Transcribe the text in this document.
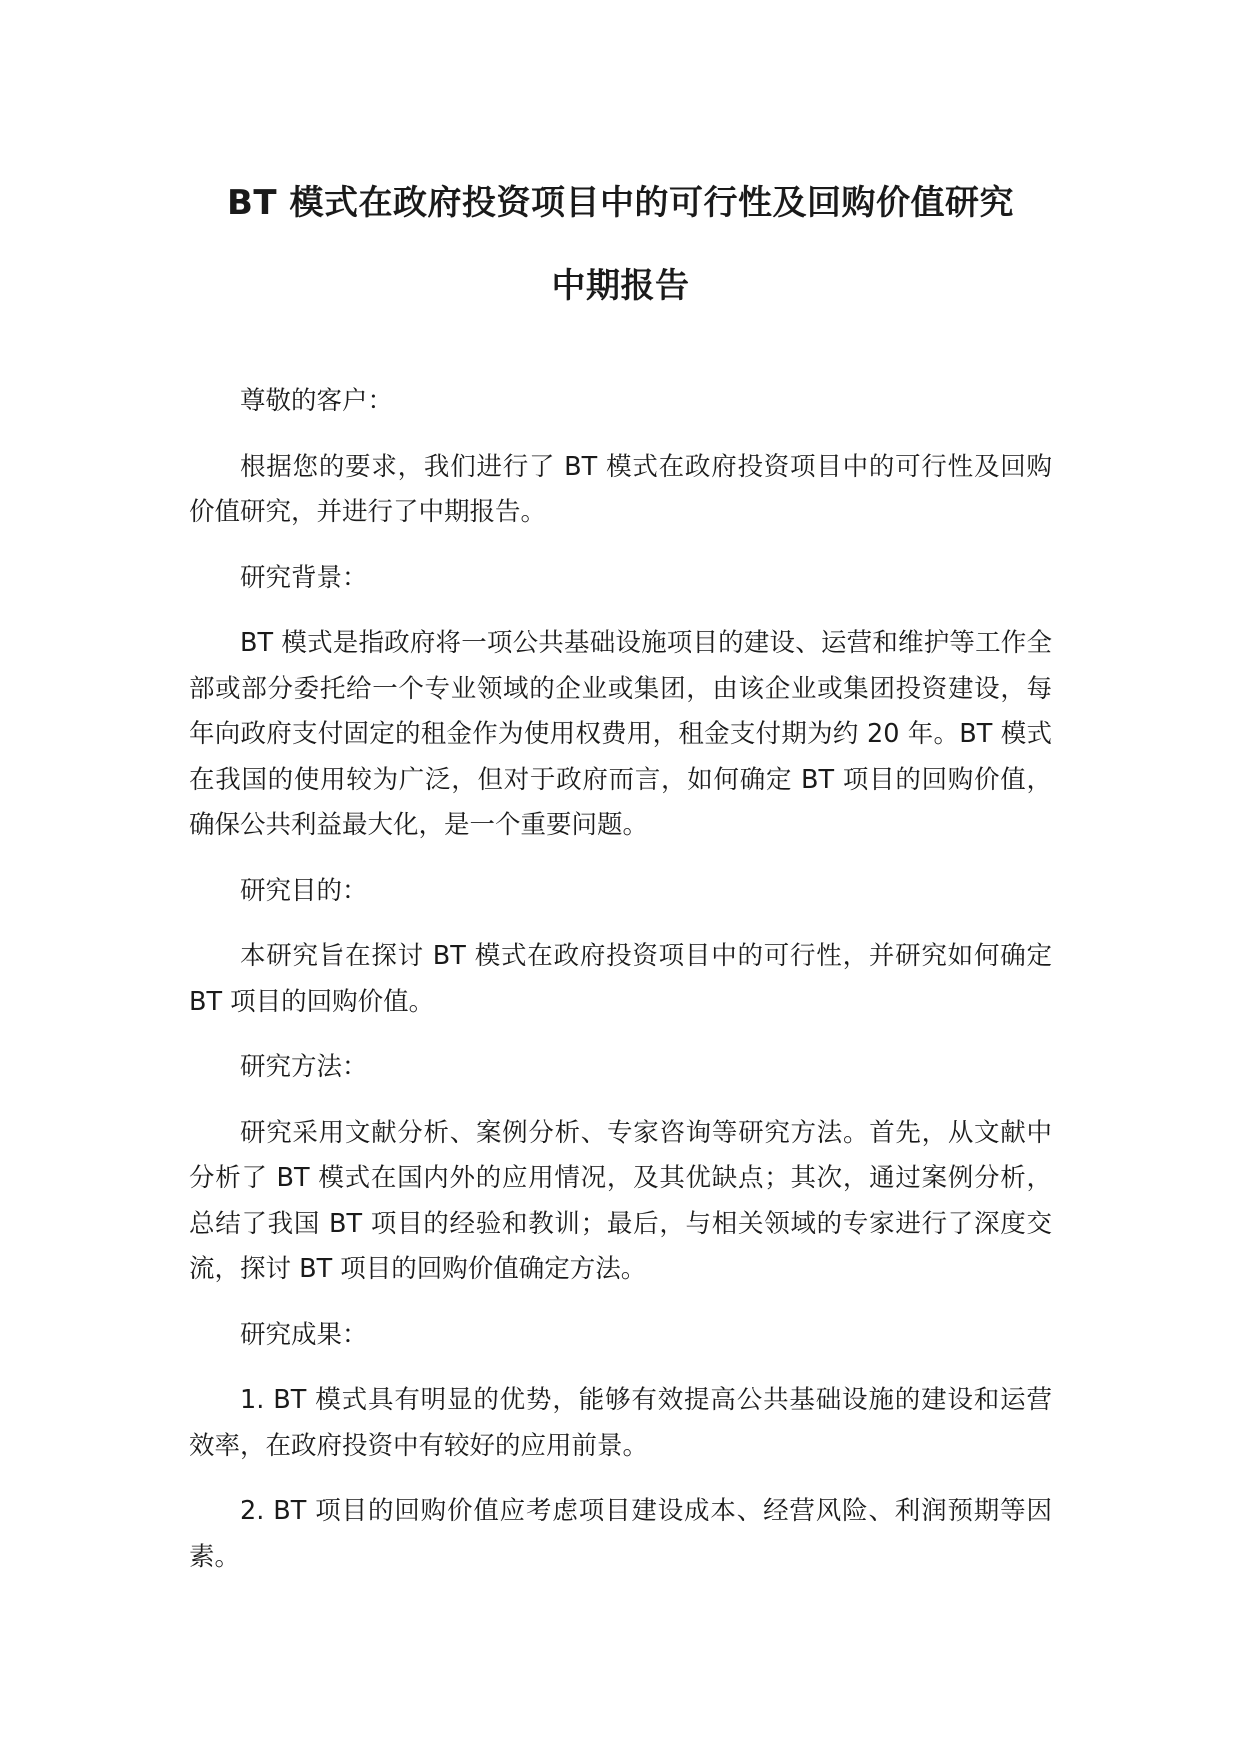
BT 模式在政府投资项目中的可行性及回购价值研究
中期报告

尊敬的客户：

根据您的要求，我们进行了 BT 模式在政府投资项目中的可行性及回购价值研究，并进行了中期报告。

研究背景：

BT 模式是指政府将一项公共基础设施项目的建设、运营和维护等工作全部或部分委托给一个专业领域的企业或集团，由该企业或集团投资建设，每年向政府支付固定的租金作为使用权费用，租金支付期为约 20 年。BT 模式在我国的使用较为广泛，但对于政府而言，如何确定 BT 项目的回购价值，确保公共利益最大化，是一个重要问题。

研究目的：

本研究旨在探讨 BT 模式在政府投资项目中的可行性，并研究如何确定 BT 项目的回购价值。

研究方法：

研究采用文献分析、案例分析、专家咨询等研究方法。首先，从文献中分析了 BT 模式在国内外的应用情况，及其优缺点；其次，通过案例分析，总结了我国 BT 项目的经验和教训；最后，与相关领域的专家进行了深度交流，探讨 BT 项目的回购价值确定方法。

研究成果：

1. BT 模式具有明显的优势，能够有效提高公共基础设施的建设和运营效率，在政府投资中有较好的应用前景。

2. BT 项目的回购价值应考虑项目建设成本、经营风险、利润预期等因素。
